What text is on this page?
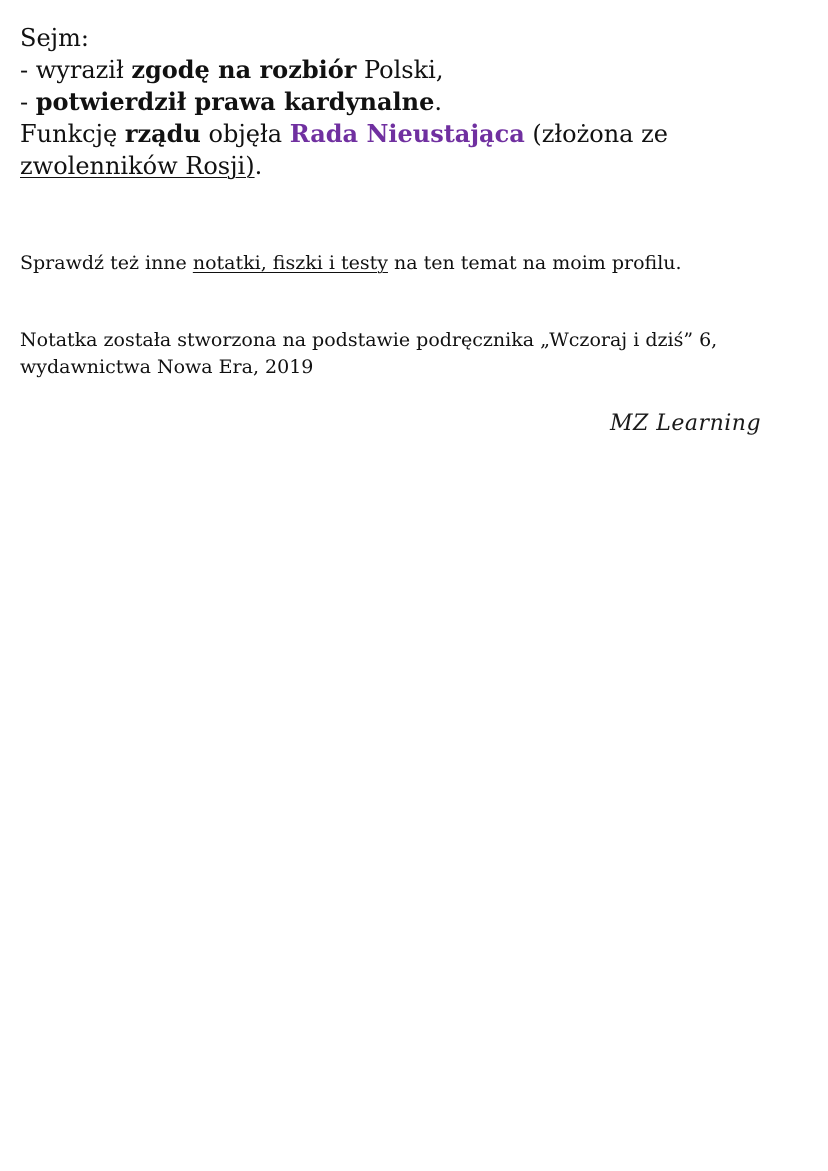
Sejm:
- wyraził zgodę na rozbiór Polski,
- potwierdził prawa kardynalne.
Funkcję rządu objęła Rada Nieustająca (złożona ze
zwolenników Rosji).
Sprawdź też inne notatki, fiszki i testy na ten temat na moim profilu.
Notatka została stworzona na podstawie podręcznika „Wczoraj i dziś” 6,
wydawnictwa Nowa Era, 2019
MZ Learning
